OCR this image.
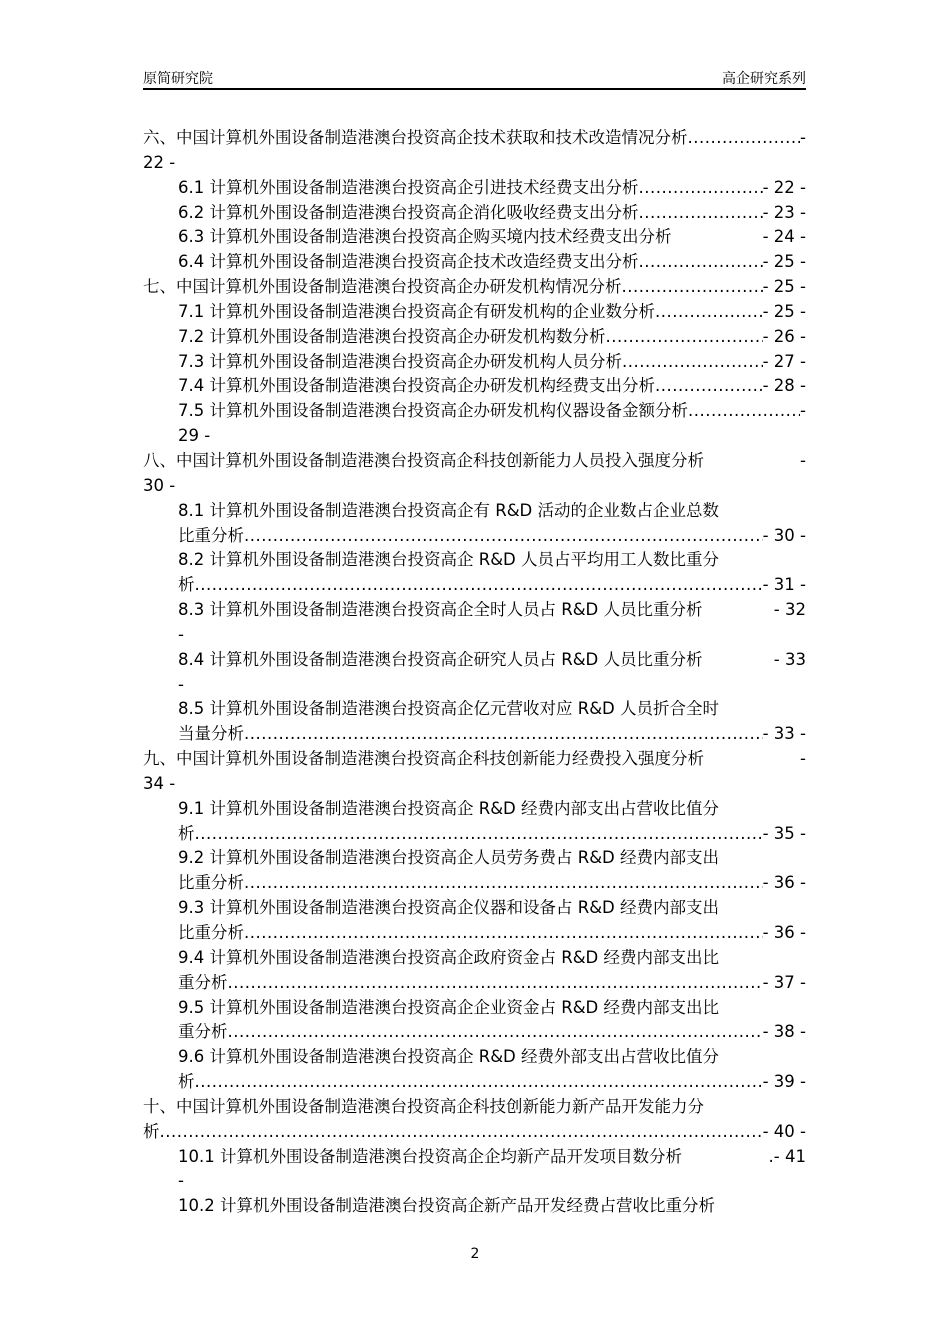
原简研究院	高企研究系列
六、中国计算机外围设备制造港澳台投资高企技术获取和技术改造情况分析 .....	-
22 -
6.1 计算机外围设备制造港澳台投资高企引进技术经费支出分析 .....	- 22 -
6.2 计算机外围设备制造港澳台投资高企消化吸收经费支出分析 .....	- 23 -
6.3 计算机外围设备制造港澳台投资高企购买境内技术经费支出分析	- 24 -
6.4 计算机外围设备制造港澳台投资高企技术改造经费支出分析 .....	- 25 -
七、中国计算机外围设备制造港澳台投资高企办研发机构情况分析 .....	- 25 -
7.1 计算机外围设备制造港澳台投资高企有研发机构的企业数分析 .....	- 25 -
7.2 计算机外围设备制造港澳台投资高企办研发机构数分析 .....	- 26 -
7.3 计算机外围设备制造港澳台投资高企办研发机构人员分析 .....	- 27 -
7.4 计算机外围设备制造港澳台投资高企办研发机构经费支出分析 .....	- 28 -
7.5 计算机外围设备制造港澳台投资高企办研发机构仪器设备金额分析 .....	-
29 -
八、中国计算机外围设备制造港澳台投资高企科技创新能力人员投入强度分析	-
30 -
8.1 计算机外围设备制造港澳台投资高企有 R&D 活动的企业数占企业总数
比重分析 .....	- 30 -
8.2 计算机外围设备制造港澳台投资高企 R&D 人员占平均用工人数比重分
析 .....	- 31 -
8.3 计算机外围设备制造港澳台投资高企全时人员占 R&D 人员比重分析	- 32
-
8.4 计算机外围设备制造港澳台投资高企研究人员占 R&D 人员比重分析	- 33
-
8.5 计算机外围设备制造港澳台投资高企亿元营收对应 R&D 人员折合全时
当量分析 .....	- 33 -
九、中国计算机外围设备制造港澳台投资高企科技创新能力经费投入强度分析	-
34 -
9.1 计算机外围设备制造港澳台投资高企 R&D 经费内部支出占营收比值分
析 .....	- 35 -
9.2 计算机外围设备制造港澳台投资高企人员劳务费占 R&D 经费内部支出
比重分析 .....	- 36 -
9.3 计算机外围设备制造港澳台投资高企仪器和设备占 R&D 经费内部支出
比重分析 .....	- 36 -
9.4 计算机外围设备制造港澳台投资高企政府资金占 R&D 经费内部支出比
重分析 .....	- 37 -
9.5 计算机外围设备制造港澳台投资高企企业资金占 R&D 经费内部支出比
重分析 .....	- 38 -
9.6 计算机外围设备制造港澳台投资高企 R&D 经费外部支出占营收比值分
析 .....	- 39 -
十、中国计算机外围设备制造港澳台投资高企科技创新能力新产品开发能力分
析 .....	- 40 -
10.1 计算机外围设备制造港澳台投资高企企均新产品开发项目数分析	.- 41
-
10.2 计算机外围设备制造港澳台投资高企新产品开发经费占营收比重分析
2
